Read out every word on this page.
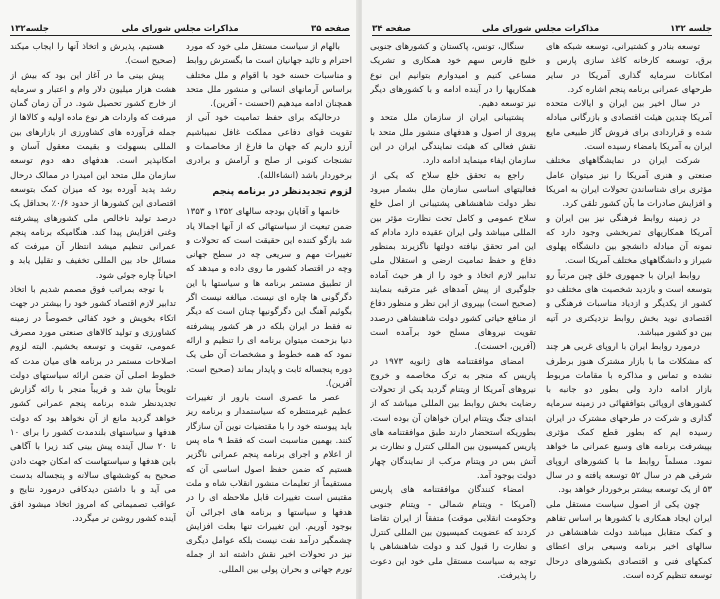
صفحه ۳۵
مذاکرات مجلس شورای ملی
جلسه۱۳۲

بالهام از سیاست مستقل ملی خود که مورد احترام و تائید جهانیان است ما بگسترش روابط و مناسبات حسنه خود با اقوام و ملل مختلف براساس آرمانهای انسانی و منشور ملل متحد همچنان ادامه میدهیم (احسنت - آفرین).

درحالیکه برای حفظ تمامیت خود آنی از تقویت قوای دفاعی مملکت غافل نمیباشیم آرزو داریم که جهان ما فارغ از مخاصمات و تشنجات کنونی از صلح و آرامش و برادری برخوردار باشد (انشاءالله).

لزوم تجدیدنظر در برنامه پنجم

خانمها و آقایان بودجه سالهای ۱۳۵۲ و ۱۳۵۳ ضمن تبعیت از سیاستهائی که از آنها اجمالا یاد شد بازگو کننده این حقیقت است که تحولات و تغییرات مهم و سریعی چه در سطح جهانی وچه در اقتصاد کشور ما روی داده و میدهد که از تطبیق مستمر برنامه ها و سیاستها با این دگرگونی ها چاره ای نیست. مبالغه نیست اگر بگوئیم آهنگ این دگرگونیها چنان است که دیگر نه فقط در ایران بلکه در هر کشور پیشرفته دنیا بزحمت میتوان برنامه ای را تنظیم و ارائه نمود که همه خطوط و مشخصات آن طی یک دوره پنجساله ثابت و پایدار بماند (صحیح است. آفرین).

عصر ما عصری است بارور از تغییرات عظیم غیرمنتظره که سیاستمدار و برنامه ریز باید پیوسته خود را با مقتضیات نوین آن سازگار کنند. بهمین مناسبت است که فقط ۹ ماه پس از اعلام و اجرای برنامه پنجم عمرانی ناگزیر هستیم که ضمن حفظ اصول اساسی آن که مستقیماً از تعلیمات منشور انقلاب شاه و ملت مقتبس است تغییرات قابل ملاحظه ای را در هدفها و سیاستها و برنامه های اجرائی آن بوجود آوریم. این تغییرات تنها بعلت افزایش چشمگیر درآمد نفت نیست بلکه عوامل دیگری نیز در تحولات اخیر نقش داشته اند از جمله تورم جهانی و بحران پولی بین المللی.

هستیم، پذیرش و اتخاذ آنها را ایجاب میکند (صحیح است).

پیش بینی ما در آغاز این بود که بیش از هشت هزار میلیون دلار وام و اعتبار و سرمایه از خارج کشور تحصیل شود. در آن زمان گمان میرفت که واردات هر نوع ماده اولیه و کالاها از جمله فرآورده های کشاورزی از بازارهای بین المللی بسهولت و بقیمت معقول آسان و امکانپذیر است. هدفهای دهه دوم توسعه سازمان ملل متحد این امیدرا در ممالک درحال رشد پدید آورده بود که میزان کمک بتوسعه اقتصادی این کشورها از حدود ۰/۶٪ بحداقل یک درصد تولید ناخالص ملی کشورهای پیشرفته وغنی افزایش پیدا کند. هنگامیکه برنامه پنجم عمرانی تنظیم میشد انتظار آن میرفت که مسائل حاد بین المللی تخفیف و تقلیل یابد و احیاناً چاره جوئی شود.

با توجه بمراتب فوق مصمم شدیم با اتخاذ تدابیر لازم اقتصاد کشور خود را بیشتر در جهت اتکاء بخویش و خود کفائی خصوصاً در زمینه کشاورزی و تولید کالاهای صنعتی مورد مصرف عمومی، تقویت و توسعه بخشیم. البته لزوم اصلاحات مستمر در برنامه های میان مدت که خطوط اصلی آن ضمن ارائه سیاستهای دولت تلویحاً بیان شد و قریباً منجر با رائه گزارش تجدیدنظر شده برنامه پنجم عمرانی کشور خواهد گردید مانع از آن نخواهد بود که دولت هدفها و سیاستهای بلندمدت کشور را برای ۱۰ تا ۲۰ سال آینده پیش بینی کند زیرا با آگاهی باین هدفها و سیاستهاست که امکان جهت دادن صحیح به کوششهای سالانه و پنجساله بدست می آید و با داشتن دیدکافی درمورد نتایج و عواقب تصمیماتی که امروز اتخاذ میشود افق آینده کشور روشن تر میگردد.

جلسه ۱۳۲
مذاکرات مجلس شورای ملی
صفحه ۳۴

توسعه بنادر و کشتیرانی، توسعه شبکه های برق، توسعه کارخانه کاغذ سازی پارس و امکانات سرمایه گذاری آمریکا در سایر طرحهای عمرانی برنامه پنجم اشاره کرد.

در سال اخیر بین ایران و ایالات متحده آمریکا چندین هیئت اقتصادی و بازرگانی مبادله شده و قراردادی برای فروش گاز طبیعی مایع ایران به آمریکا بامضاء رسیده است.

شرکت ایران در نمایشگاههای مختلف صنعتی و هنری آمریکا را نیز میتوان عامل مؤثری برای شناساندن تحولات ایران به امریکا و افزایش صادرات ما بآن کشور تلقی کرد.

در زمینه روابط فرهنگی نیز بین ایران و آمریکا همکاریهای ثمربخشی وجود دارد که نمونه آن مبادله دانشجو بین دانشگاه پهلوی شیراز و دانشگاههای مختلف آمریکا است.

روابط ایران با جمهوری خلق چین مرتباً رو بتوسعه است و بازدید شخصیت های مختلف دو کشور از یکدیگر و ازدیاد مناسبات فرهنگی و اقتصادی نوید بخش روابط نزدیکتری در آتیه بین دو کشور میباشد.

درمورد روابط ایران با اروپای غربی هر چند که مشکلات ما با بازار مشترک هنوز برطرف نشده و تماس و مذاکره با مقامات مربوط بازار ادامه دارد ولی بطور دو جانبه با کشورهای اروپائی بتوافقهائی در زمینه سرمایه گذاری و شرکت در طرحهای مشترک در ایران رسیده ایم که بطور قطع کمک مؤثری بپیشرفت برنامه های وسیع عمرانی ما خواهد نمود. مسلماً روابط ما با کشورهای اروپای شرقی هم در سال ۵۲ توسعه یافته و در سال ۵۳ از یک توسعه بیشتر برخوردار خواهد بود.

چون یکی از اصول سیاست مستقل ملی ایران ایجاد همکاری با کشورها بر اساس تفاهم و کمک متقابل میباشد دولت شاهنشاهی در سالهای اخیر برنامه وسیعی برای اعطای کمکهای فنی و اقتصادی بکشورهای درحال توسعه تنظیم کرده است.

سنگال، تونس، پاکستان و کشورهای جنوبی خلیج فارس سهم خود همکاری و تشریک مساعی کنیم و امیدوارم بتوانیم این نوع همکاریها را در آینده ادامه و با کشورهای دیگر نیز توسعه دهیم.

پشتیبانی ایران از سازمان ملل متحد و پیروی از اصول و هدفهای منشور ملل متحد با نقش فعالی که هیئت نمایندگی ایران در این سازمان ایفاء مینماید ادامه دارد.

راجع به تحقق خلع سلاح که یکی از فعالیتهای اساسی سازمان ملل بشمار میرود نظر دولت شاهنشاهی پشتیبانی از اصل خلع سلاح عمومی و کامل تحت نظارت مؤثر بین المللی میباشد ولی ایران عقیده دارد مادام که این امر تحقق نیافته دولتها ناگزیرند بمنظور دفاع و حفظ تمامیت ارضی و استقلال ملی تدابیر لازم اتخاذ و خود را از هر حیث آماده جلوگیری از پیش آمدهای غیر مترقبه بنمایند (صحیح است) بپیروی از این نظر و منظور دفاع از منافع حیاتی کشور دولت شاهنشاهی درصدد تقویت نیروهای مسلح خود برآمده است (آفرین، احسنت).

امضای موافقتنامه های ژانویه ۱۹۷۳ در پاریس که منجر به ترک مخاصمه و خروج نیروهای آمریکا از ویتنام گردید یکی از تحولات رضایت بخش روابط بین المللی میباشد که از ابتدای جنگ ویتنام ایران خواهان آن بوده است. بطوریکه استحضار دارند طبق موافقتنامه های پاریس کمیسیون بین المللی کنترل و نظارت بر آتش بس در ویتنام مرکب از نمایندگان چهار دولت بوجود آمد.

امضاء کنندگان موافقتنامه های پاریس (آمریکا - ویتنام شمالی - ویتنام جنوبی وحکومت انقلابی موقت) متفقاً از ایران تقاضا کردند که عضویت کمیسیون بین المللی کنترل و نظارت را قبول کند و دولت شاهنشاهی با توجه به سیاست مستقل ملی خود این دعوت را پذیرفت.
